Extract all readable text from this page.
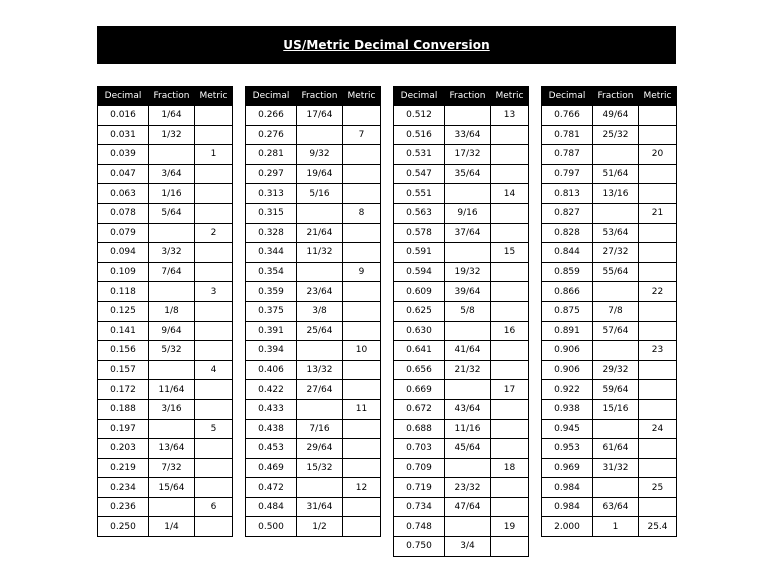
US/Metric Decimal Conversion
Decimal	Fraction	Metric
0.016	1/64	
0.031	1/32	
0.039		1
0.047	3/64	
0.063	1/16	
0.078	5/64	
0.079		2
0.094	3/32	
0.109	7/64	
0.118		3
0.125	1/8	
0.141	9/64	
0.156	5/32	
0.157		4
0.172	11/64	
0.188	3/16	
0.197		5
0.203	13/64	
0.219	7/32	
0.234	15/64	
0.236		6
0.250	1/4	
Decimal	Fraction	Metric
0.266	17/64	
0.276		7
0.281	9/32	
0.297	19/64	
0.313	5/16	
0.315		8
0.328	21/64	
0.344	11/32	
0.354		9
0.359	23/64	
0.375	3/8	
0.391	25/64	
0.394		10
0.406	13/32	
0.422	27/64	
0.433		11
0.438	7/16	
0.453	29/64	
0.469	15/32	
0.472		12
0.484	31/64	
0.500	1/2	
Decimal	Fraction	Metric
0.512		13
0.516	33/64	
0.531	17/32	
0.547	35/64	
0.551		14
0.563	9/16	
0.578	37/64	
0.591		15
0.594	19/32	
0.609	39/64	
0.625	5/8	
0.630		16
0.641	41/64	
0.656	21/32	
0.669		17
0.672	43/64	
0.688	11/16	
0.703	45/64	
0.709		18
0.719	23/32	
0.734	47/64	
0.748		19
0.750	3/4	
Decimal	Fraction	Metric
0.766	49/64	
0.781	25/32	
0.787		20
0.797	51/64	
0.813	13/16	
0.827		21
0.828	53/64	
0.844	27/32	
0.859	55/64	
0.866		22
0.875	7/8	
0.891	57/64	
0.906		23
0.906	29/32	
0.922	59/64	
0.938	15/16	
0.945		24
0.953	61/64	
0.969	31/32	
0.984		25
0.984	63/64	
2.000	1	25.4
